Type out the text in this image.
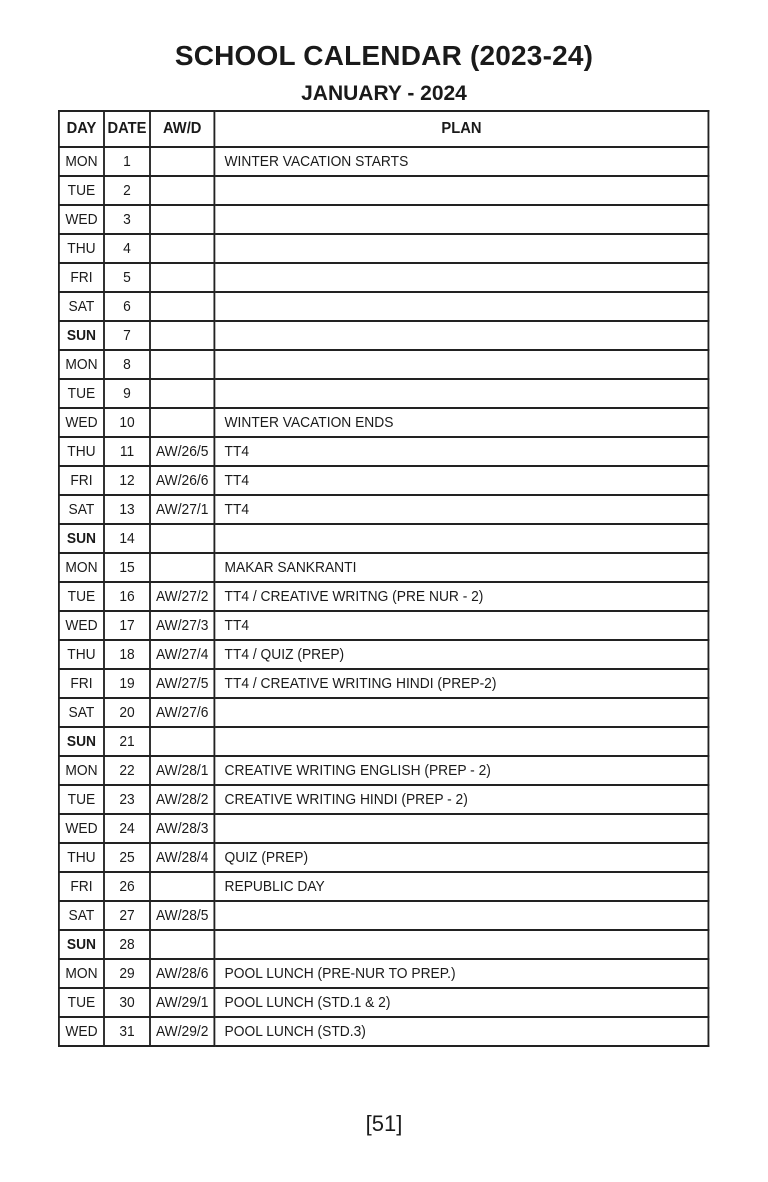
SCHOOL CALENDAR (2023-24)
JANUARY - 2024
DAY	DATE	AW/D	PLAN
MON	1		WINTER VACATION STARTS
TUE	2		
WED	3		
THU	4		
FRI	5		
SAT	6		
SUN	7		
MON	8		
TUE	9		
WED	10		WINTER VACATION ENDS
THU	11	AW/26/5	TT4
FRI	12	AW/26/6	TT4
SAT	13	AW/27/1	TT4
SUN	14		
MON	15		MAKAR SANKRANTI
TUE	16	AW/27/2	TT4 / CREATIVE WRITNG (PRE NUR - 2)
WED	17	AW/27/3	TT4
THU	18	AW/27/4	TT4 / QUIZ (PREP)
FRI	19	AW/27/5	TT4 / CREATIVE WRITING HINDI (PREP-2)
SAT	20	AW/27/6	
SUN	21		
MON	22	AW/28/1	CREATIVE WRITING ENGLISH (PREP - 2)
TUE	23	AW/28/2	CREATIVE WRITING HINDI (PREP - 2)
WED	24	AW/28/3	
THU	25	AW/28/4	QUIZ (PREP)
FRI	26		REPUBLIC DAY
SAT	27	AW/28/5	
SUN	28		
MON	29	AW/28/6	POOL LUNCH (PRE-NUR TO PREP.)
TUE	30	AW/29/1	POOL LUNCH (STD.1 & 2)
WED	31	AW/29/2	POOL LUNCH (STD.3)
[51]
